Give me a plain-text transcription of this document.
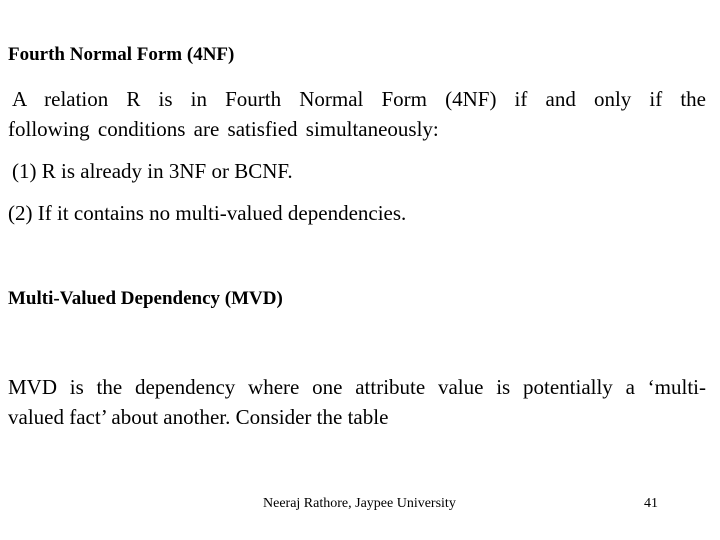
Fourth Normal Form (4NF)
A relation R is in Fourth Normal Form (4NF) if and only if the
following conditions are satisfied simultaneously:
(1) R is already in 3NF or BCNF.
(2) If it contains no multi-valued dependencies.
Multi-Valued Dependency (MVD)
MVD is the dependency where one attribute value is potentially a ‘multi-
valued fact’ about another. Consider the table
Neeraj Rathore, Jaypee University	41
